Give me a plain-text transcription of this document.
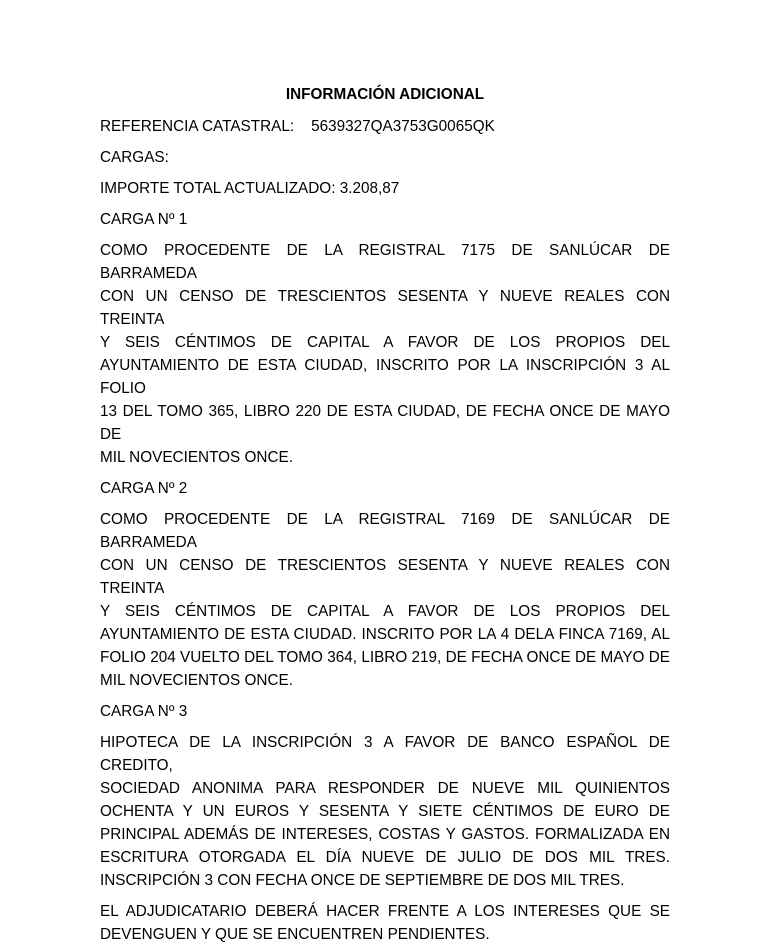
INFORMACIÓN ADICIONAL
REFERENCIA CATASTRAL: 5639327QA3753G0065QK
CARGAS:
IMPORTE TOTAL ACTUALIZADO: 3.208,87
CARGA Nº 1
COMO PROCEDENTE DE LA REGISTRAL 7175 DE SANLÚCAR DE BARRAMEDA
CON UN CENSO DE TRESCIENTOS SESENTA Y NUEVE REALES CON TREINTA
Y SEIS CÉNTIMOS DE CAPITAL A FAVOR DE LOS PROPIOS DEL
AYUNTAMIENTO DE ESTA CIUDAD, INSCRITO POR LA INSCRIPCIÓN 3 AL FOLIO
13 DEL TOMO 365, LIBRO 220 DE ESTA CIUDAD, DE FECHA ONCE DE MAYO DE
MIL NOVECIENTOS ONCE.
CARGA Nº 2
COMO PROCEDENTE DE LA REGISTRAL 7169 DE SANLÚCAR DE BARRAMEDA
CON UN CENSO DE TRESCIENTOS SESENTA Y NUEVE REALES CON TREINTA
Y SEIS CÉNTIMOS DE CAPITAL A FAVOR DE LOS PROPIOS DEL
AYUNTAMIENTO DE ESTA CIUDAD. INSCRITO POR LA 4 DELA FINCA 7169, AL
FOLIO 204 VUELTO DEL TOMO 364, LIBRO 219, DE FECHA ONCE DE MAYO DE
MIL NOVECIENTOS ONCE.
CARGA Nº 3
HIPOTECA DE LA INSCRIPCIÓN 3 A FAVOR DE BANCO ESPAÑOL DE CREDITO,
SOCIEDAD ANONIMA PARA RESPONDER DE NUEVE MIL QUINIENTOS
OCHENTA Y UN EUROS Y SESENTA Y SIETE CÉNTIMOS DE EURO DE
PRINCIPAL ADEMÁS DE INTERESES, COSTAS Y GASTOS. FORMALIZADA EN
ESCRITURA OTORGADA EL DÍA NUEVE DE JULIO DE DOS MIL TRES.
INSCRIPCIÓN 3 CON FECHA ONCE DE SEPTIEMBRE DE DOS MIL TRES.
EL ADJUDICATARIO DEBERÁ HACER FRENTE A LOS INTERESES QUE SE
DEVENGUEN Y QUE SE ENCUENTREN PENDIENTES.
